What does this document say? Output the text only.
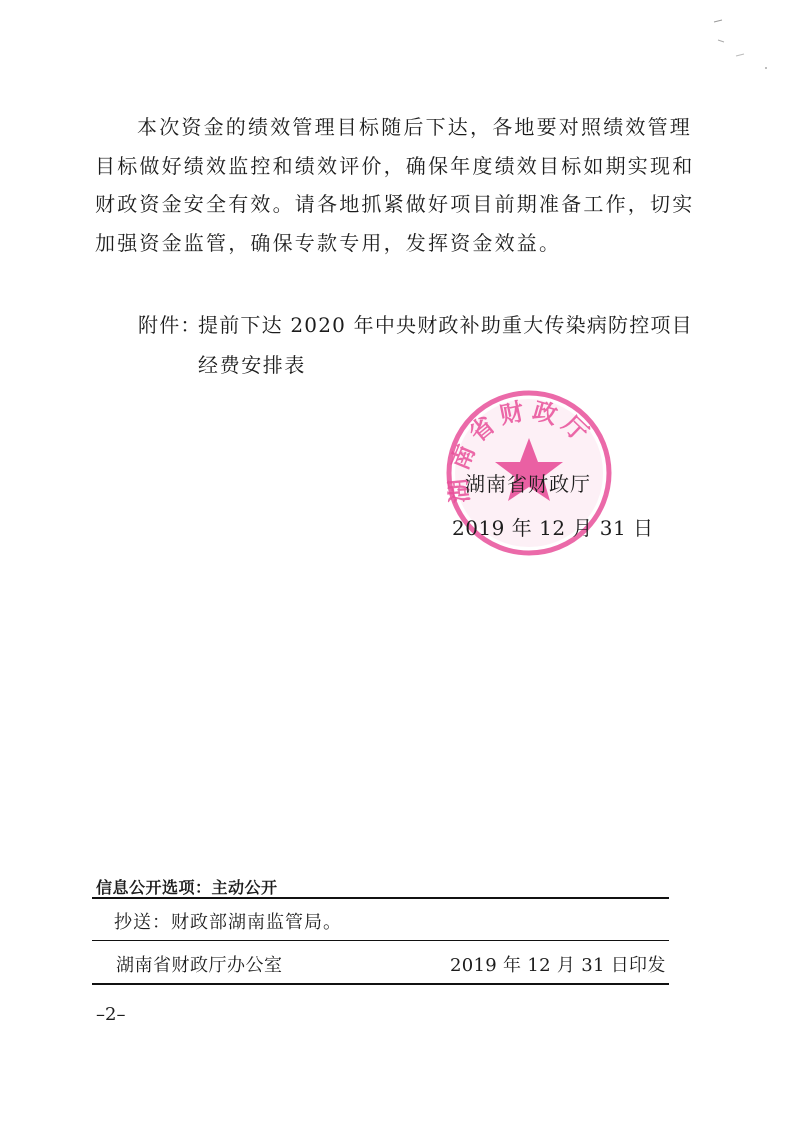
本次资金的绩效管理目标随后下达，各地要对照绩效管理目标做好绩效监控和绩效评价，确保年度绩效目标如期实现和财政资金安全有效。请各地抓紧做好项目前期准备工作，切实加强资金监管，确保专款专用，发挥资金效益。

附件：
提前下达 2020 年中央财政补助重大传染病防控项目
经费安排表
湖南省财政厅
湖南省财政厅
2019 年 12 月 31 日
信息公开选项：主动公开
抄送：财政部湖南监管局。
湖南省财政厅办公室	2019 年 12 月 31 日印发
–2–
